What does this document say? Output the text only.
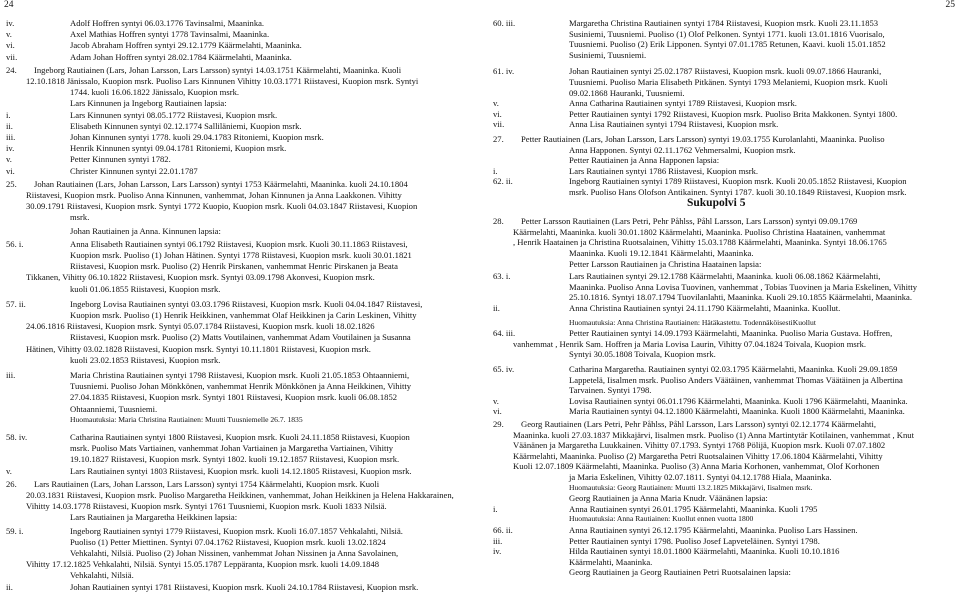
24
iv.	Adolf Hoffren syntyi 06.03.1776 Tavinsalmi, Maaninka.
v.	Axel Mathias Hoffren syntyi 1778 Tavinsalmi, Maaninka.
vi.	Jacob Abraham Hoffren syntyi 29.12.1779 Käärmelahti, Maaninka.
vii.	Adam Johan Hoffren syntyi 28.02.1784 Käärmelahti, Maaninka.
24. Ingeborg Rautiainen (Lars, Johan Larsson, Lars Larsson) syntyi 14.03.1751 Käärmelahti, Maaninka. Kuoli
12.10.1818 Jänissalo, Kuopion msrk. Puoliso Lars Kinnunen Vihitty 10.03.1771 Riistavesi, Kuopion msrk. Syntyi
1744. kuoli 16.06.1822 Jänissalo, Kuopion msrk.
Lars Kinnunen ja Ingeborg Rautiainen lapsia:
i.	Lars Kinnunen syntyi 08.05.1772 Riistavesi, Kuopion msrk.
ii.	Elisabeth Kinnunen syntyi 02.12.1774 Salliläniemi, Kuopion msrk.
iii.	Johan Kinnunen syntyi 1778. kuoli 29.04.1783 Ritoniemi, Kuopion msrk.
iv.	Henrik Kinnunen syntyi 09.04.1781 Ritoniemi, Kuopion msrk.
v.	Petter Kinnunen syntyi 1782.
vi.	Christer Kinnunen syntyi 22.01.1787
25. Johan Rautiainen (Lars, Johan Larsson, Lars Larsson) syntyi 1753 Käärmelahti, Maaninka. kuoli 24.10.1804
Riistavesi, Kuopion msrk. Puoliso Anna Kinnunen, vanhemmat, Johan Kinnunen ja Anna Laakkonen. Vihitty
30.09.1791 Riistavesi, Kuopion msrk. Syntyi 1772 Kuopio, Kuopion msrk. Kuoli 04.03.1847 Riistavesi, Kuopion
msrk.
Johan Rautiainen ja Anna. Kinnunen lapsia:
56. i.	Anna Elisabeth Rautiainen syntyi 06.1792 Riistavesi, Kuopion msrk. Kuoli 30.11.1863 Riistavesi,
Kuopion msrk. Puoliso (1) Johan Hätinen. Syntyi 1778 Riistavesi, Kuopion msrk. kuoli 30.01.1821
Riistavesi, Kuopion msrk. Puoliso (2) Henrik Pirskanen, vanhemmat Henric Pirskanen ja Beata
Tikkanen, Vihitty 06.10.1822 Riistavesi, Kuopion msrk. Syntyi 03.09.1798 Akonvesi, Kuopion msrk.
kuoli 01.06.1855 Riistavesi, Kuopion msrk.
57. ii.	Ingeborg Lovisa Rautiainen syntyi 03.03.1796 Riistavesi, Kuopion msrk. Kuoli 04.04.1847 Riistavesi,
Kuopion msrk. Puoliso (1) Henrik Heikkinen, vanhemmat Olaf Heikkinen ja Carin Leskinen, Vihitty
24.06.1816 Riistavesi, Kuopion msrk. Syntyi 05.07.1784 Riistavesi, Kuopion msrk. kuoli 18.02.1826
Riistavesi, Kuopion msrk. Puoliso (2) Matts Voutilainen, vanhemmat Adam Voutilainen ja Susanna
Hätinen, Vihitty 03.02.1828 Riistavesi, Kuopion msrk. Syntyi 10.11.1801 Riistavesi, Kuopion msrk.
kuoli 23.02.1853 Riistavesi, Kuopion msrk.
iii.	Maria Christina Rautiainen syntyi 1798 Riistavesi, Kuopion msrk. Kuoli 21.05.1853 Ohtaanniemi,
Tuusniemi. Puoliso Johan Mönkkönen, vanhemmat Henrik Mönkkönen ja Anna Heikkinen, Vihitty
27.04.1835 Riistavesi, Kuopion msrk. Syntyi 1801 Riistavesi, Kuopion msrk. kuoli 06.08.1852
Ohtaanniemi, Tuusniemi.
Huomautuksia: Maria Christina Rautiainen: Muutti Tuusniemelle 26.7. 1835
58. iv.	Catharina Rautiainen syntyi 1800 Riistavesi, Kuopion msrk. Kuoli 24.11.1858 Riistavesi, Kuopion
msrk. Puoliso Mats Vartiainen, vanhemmat Johan Vartiainen ja Margaretha Vartiainen, Vihitty
19.10.1827 Riistavesi, Kuopion msrk. Syntyi 1802. kuoli 19.12.1857 Riistavesi, Kuopion msrk.
v.	Lars Rautiainen syntyi 1803 Riistavesi, Kuopion msrk. kuoli 14.12.1805 Riistavesi, Kuopion msrk.
26. Lars Rautiainen (Lars, Johan Larsson, Lars Larsson) syntyi 1754 Käärmelahti, Kuopion msrk. Kuoli
20.03.1831 Riistavesi, Kuopion msrk. Puoliso Margaretha Heikkinen, vanhemmat, Johan Heikkinen ja Helena Hakkarainen,
Vihitty 14.03.1778 Riistavesi, Kuopion msrk. Syntyi 1761 Tuusniemi, Kuopion msrk. Kuoli 1833 Nilsiä.
Lars Rautiainen ja Margaretha Heikkinen lapsia:
59. i.	Ingeborg Rautiainen syntyi 1779 Riistavesi, Kuopion msrk. Kuoli 16.07.1857 Vehkalahti, Nilsiä.
Puoliso (1) Petter Miettinen. Syntyi 07.04.1762 Riistavesi, Kuopion msrk. kuoli 13.02.1824
Vehkalahti, Nilsiä. Puoliso (2) Johan Nissinen, vanhemmat Johan Nissinen ja Anna Savolainen,
Vihitty 17.12.1825 Vehkalahti, Nilsiä. Syntyi 15.05.1787 Leppäranta, Kuopion msrk. kuoli 14.09.1848
Vehkalahti, Nilsiä.
ii.	Johan Rautiainen syntyi 1781 Riistavesi, Kuopion msrk. Kuoli 24.10.1784 Riistavesi, Kuopion msrk.
25
60. iii.	Margaretha Christina Rautiainen syntyi 1784 Riistavesi, Kuopion msrk. Kuoli 23.11.1853
Susiniemi, Tuusniemi. Puoliso (1) Olof Pelkonen. Syntyi 1771. kuoli 13.01.1816 Vuorisalo,
Tuusniemi. Puoliso (2) Erik Lipponen. Syntyi 07.01.1785 Retunen, Kaavi. kuoli 15.01.1852
Susiniemi, Tuusniemi.
61. iv.	Johan Rautiainen syntyi 25.02.1787 Riistavesi, Kuopion msrk. kuoli 09.07.1866 Hauranki,
Tuusniemi. Puoliso Maria Elisabeth Pitkänen. Syntyi 1793 Melaniemi, Kuopion msrk. Kuoli
09.02.1868 Hauranki, Tuusniemi.
v.	Anna Catharina Rautiainen syntyi 1789 Riistavesi, Kuopion msrk.
vi.	Petter Rautiainen syntyi 1792 Riistavesi, Kuopion msrk. Puoliso Brita Makkonen. Syntyi 1800.
vii.	Anna Lisa Rautiainen syntyi 1794 Riistavesi, Kuopion msrk.
27. Petter Rautiainen (Lars, Johan Larsson, Lars Larsson) syntyi 19.03.1755 Kurolanlahti, Maaninka. Puoliso
Anna Happonen. Syntyi 02.11.1762 Vehmersalmi, Kuopion msrk.
Petter Rautiainen ja Anna Happonen lapsia:
i.	Lars Rautiainen syntyi 1786 Riistavesi, Kuopion msrk.
62. ii.	Ingeborg Rautiainen syntyi 1789 Riistavesi, Kuopion msrk. Kuoli 20.05.1852 Riistavesi, Kuopion
msrk. Puoliso Hans Olofson Antikainen. Syntyi 1787. kuoli 30.10.1849 Riistavesi, Kuopion msrk.
Sukupolvi 5
28. Petter Larsson Rautiainen (Lars Petri, Pehr Påhlss, Påhl Larsson, Lars Larsson) syntyi 09.09.1769
Käärmelahti, Maaninka. kuoli 30.01.1802 Käärmelahti, Maaninka. Puoliso Christina Haatainen, vanhemmat
, Henrik Haatainen ja Christina Ruotsalainen, Vihitty 15.03.1788 Käärmelahti, Maaninka. Syntyi 18.06.1765
Maaninka. Kuoli 19.12.1841 Käärmelahti, Maaninka.
Petter Larsson Rautiainen ja Christina Haatainen lapsia:
63. i.	Lars Rautiainen syntyi 29.12.1788 Käärmelahti, Maaninka. kuoli 06.08.1862 Käärmelahti,
Maaninka. Puoliso Anna Lovisa Tuovinen, vanhemmat , Tobias Tuovinen ja Maria Eskelinen, Vihitty
25.10.1816. Syntyi 18.07.1794 Tuovilanlahti, Maaninka. Kuoli 29.10.1855 Käärmelahti, Maaninka.
ii.	Anna Christina Rautiainen syntyi 24.11.1790 Käärmelahti, Maaninka. Kuollut.
Huomautuksia: Anna Christina Rautiainen: Hätäkastettu. TodennäköisestiKuollut
64. iii.	Petter Rautiainen syntyi 14.09.1793 Käärmelahti, Maaninka. Puoliso Maria Gustava. Hoffren,
vanhemmat , Henrik Sam. Hoffren ja Maria Lovisa Laurin, Vihitty 07.04.1824 Toivala, Kuopion msrk.
Syntyi 30.05.1808 Toivala, Kuopion msrk.
65. iv.	Catharina Margaretha. Rautiainen syntyi 02.03.1795 Käärmelahti, Maaninka. Kuoli 29.09.1859
Lappetelä, Iisalmen msrk. Puoliso Anders Väätäinen, vanhemmat Thomas Väätäinen ja Albertina
Tarvainen. Syntyi 1798.
v.	Lovisa Rautiainen syntyi 06.01.1796 Käärmelahti, Maaninka. Kuoli 1796 Käärmelahti, Maaninka.
vi.	Maria Rautiainen syntyi 04.12.1800 Käärmelahti, Maaninka. Kuoli 1800 Käärmelahti, Maaninka.
29. Georg Rautiainen (Lars Petri, Pehr Påhlss, Påhl Larsson, Lars Larsson) syntyi 02.12.1774 Käärmelahti,
Maaninka. kuoli 27.03.1837 Mikkajärvi, Iisalmen msrk. Puoliso (1) Anna Martintytär Kotilainen, vanhemmat , Knut
Väänänen ja Margaretha Luukkainen. Vihitty 07.1793. Syntyi 1768 Pölijä, Kuopion msrk. Kuoli 07.07.1802
Käärmelahti, Maaninka. Puoliso (2) Margaretha Petri Ruotsalainen Vihitty 17.06.1804 Käärmelahti, Vihitty
Kuoli 12.07.1809 Käärmelahti, Maaninka. Puoliso (3) Anna Maria Korhonen, vanhemmat, Olof Korhonen
ja Maria Eskelinen, Vihitty 02.07.1811. Syntyi 04.12.1788 Hiala, Maaninka.
Huomautuksia: Georg Rautiainen: Muutti 13.2.1825 Mikkajärvi, Iisalmen msrk.
Georg Rautiainen ja Anna Maria Knudr. Väänänen lapsia:
i.	Anna Rautiainen syntyi 26.01.1795 Käärmelahti, Maaninka. Kuoli 1795
Huomautuksia: Anna Rautiainen: Kuollut ennen vuotta 1800
66. ii.	Anna Rautiainen syntyi 26.12.1795 Käärmelahti, Maaninka. Puoliso Lars Hassinen.
iii.	Petter Rautiainen syntyi 1798. Puoliso Josef Lapveteläinen. Syntyi 1798.
iv.	Hilda Rautiainen syntyi 18.01.1800 Käärmelahti, Maaninka. Kuoli 10.10.1816
Käärmelahti, Maaninka.
Georg Rautiainen ja Georg Rautiainen Petri Ruotsalainen lapsia:
